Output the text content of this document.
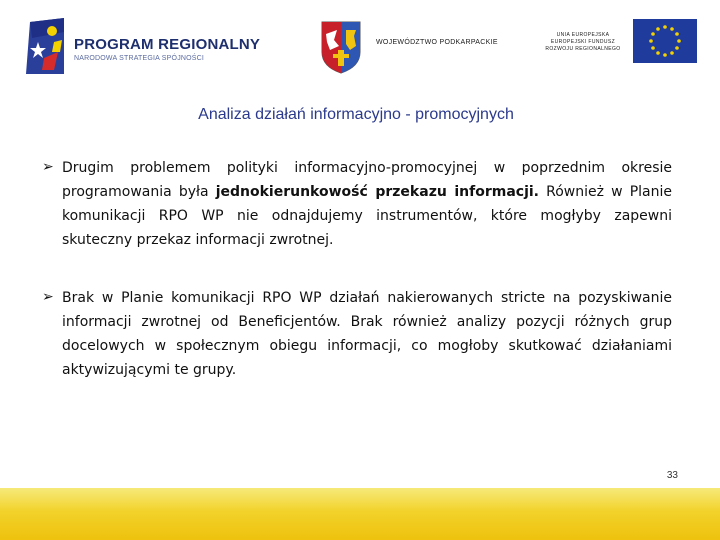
PROGRAM REGIONALNY
NARODOWA STRATEGIA SPÓJNOŚCI
WOJEWÓDZTWO PODKARPACKIE
UNIA EUROPEJSKA
EUROPEJSKI FUNDUSZ
ROZWOJU REGIONALNEGO
Analiza działań informacyjno - promocyjnych
➢ Drugim problemem polityki informacyjno-promocyjnej w poprzednim okresie programowania była jednokierunkowość przekazu informacji. Również w Planie komunikacji RPO WP nie odnajdujemy instrumentów, które mogłyby zapewni skuteczny przekaz informacji zwrotnej.
➢ Brak w Planie komunikacji RPO WP działań nakierowanych stricte na pozyskiwanie informacji zwrotnej od Beneficjentów. Brak również analizy pozycji różnych grup docelowych w społecznym obiegu informacji, co mogłoby skutkować działaniami aktywizującymi te grupy.
33
